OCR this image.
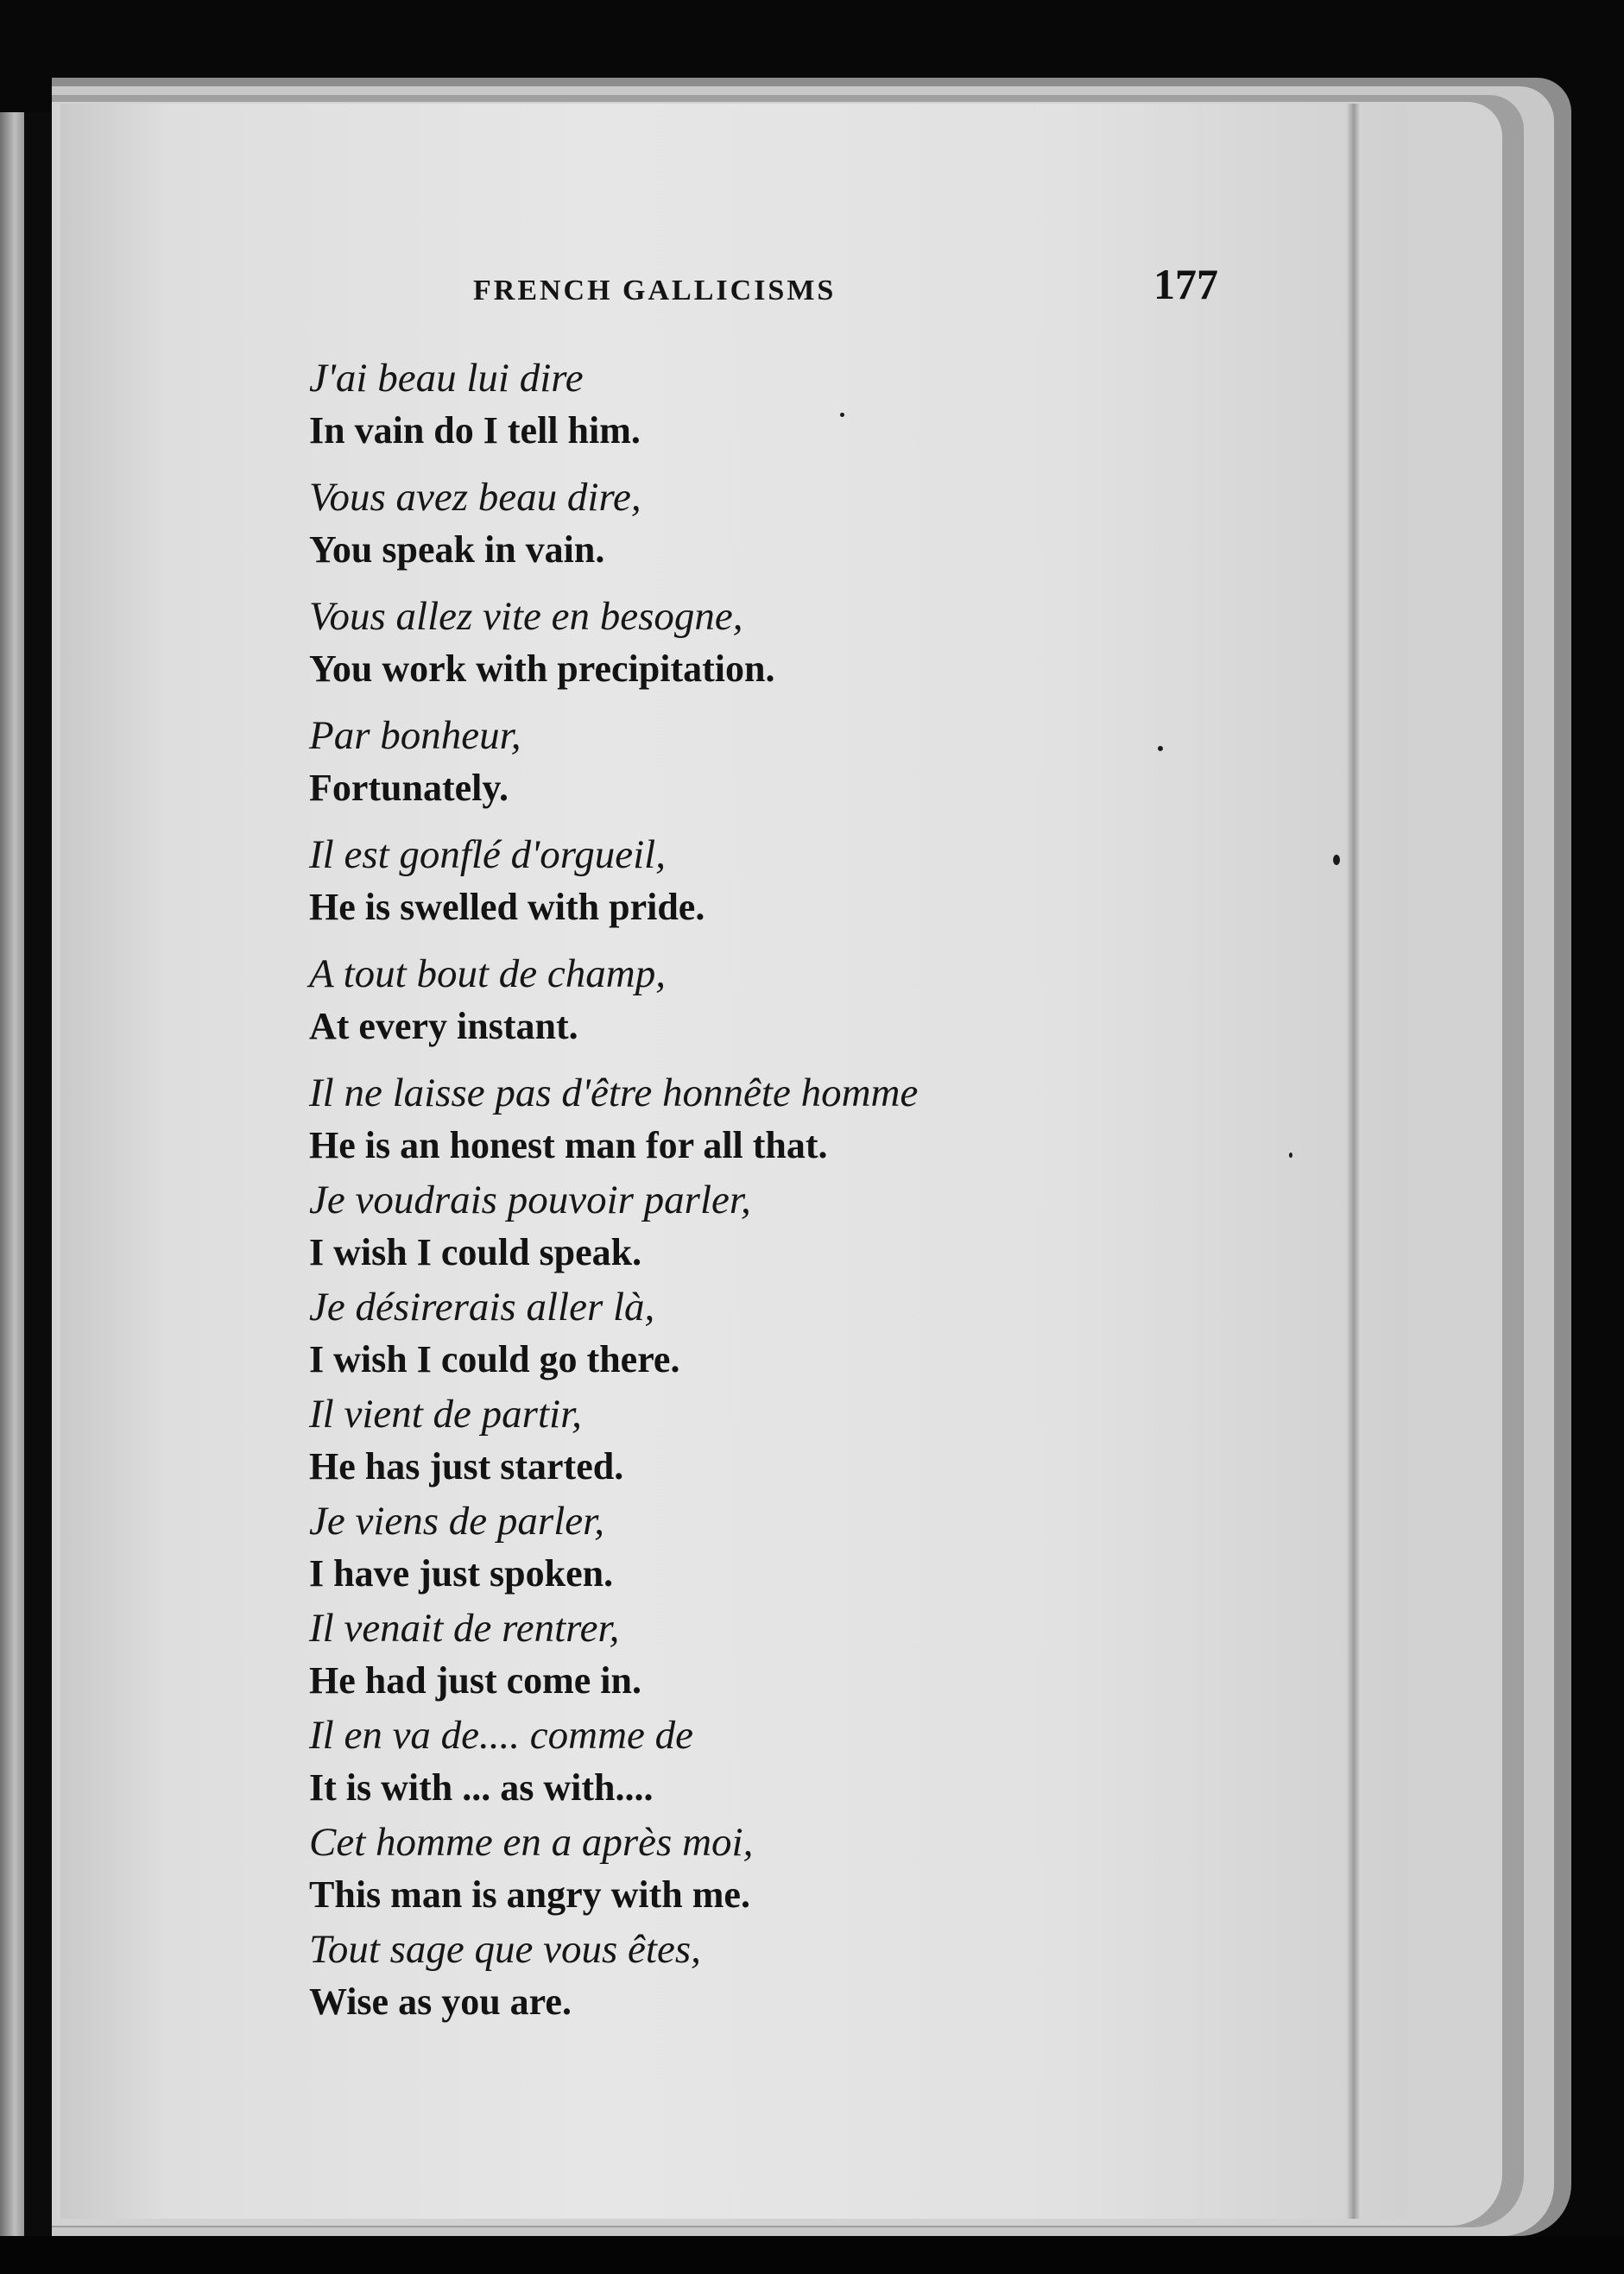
FRENCH GALLICISMS	177
J'ai beau lui dire
In vain do I tell him.
Vous avez beau dire,
You speak in vain.
Vous allez vite en besogne,
You work with precipitation.
Par bonheur,
Fortunately.
Il est gonflé d'orgueil,
He is swelled with pride.
A tout bout de champ,
At every instant.
Il ne laisse pas d'être honnête homme
He is an honest man for all that.
Je voudrais pouvoir parler,
I wish I could speak.
Je désirerais aller là,
I wish I could go there.
Il vient de partir,
He has just started.
Je viens de parler,
I have just spoken.
Il venait de rentrer,
He had just come in.
Il en va de.... comme de
It is with ... as with....
Cet homme en a après moi,
This man is angry with me.
Tout sage que vous êtes,
Wise as you are.
